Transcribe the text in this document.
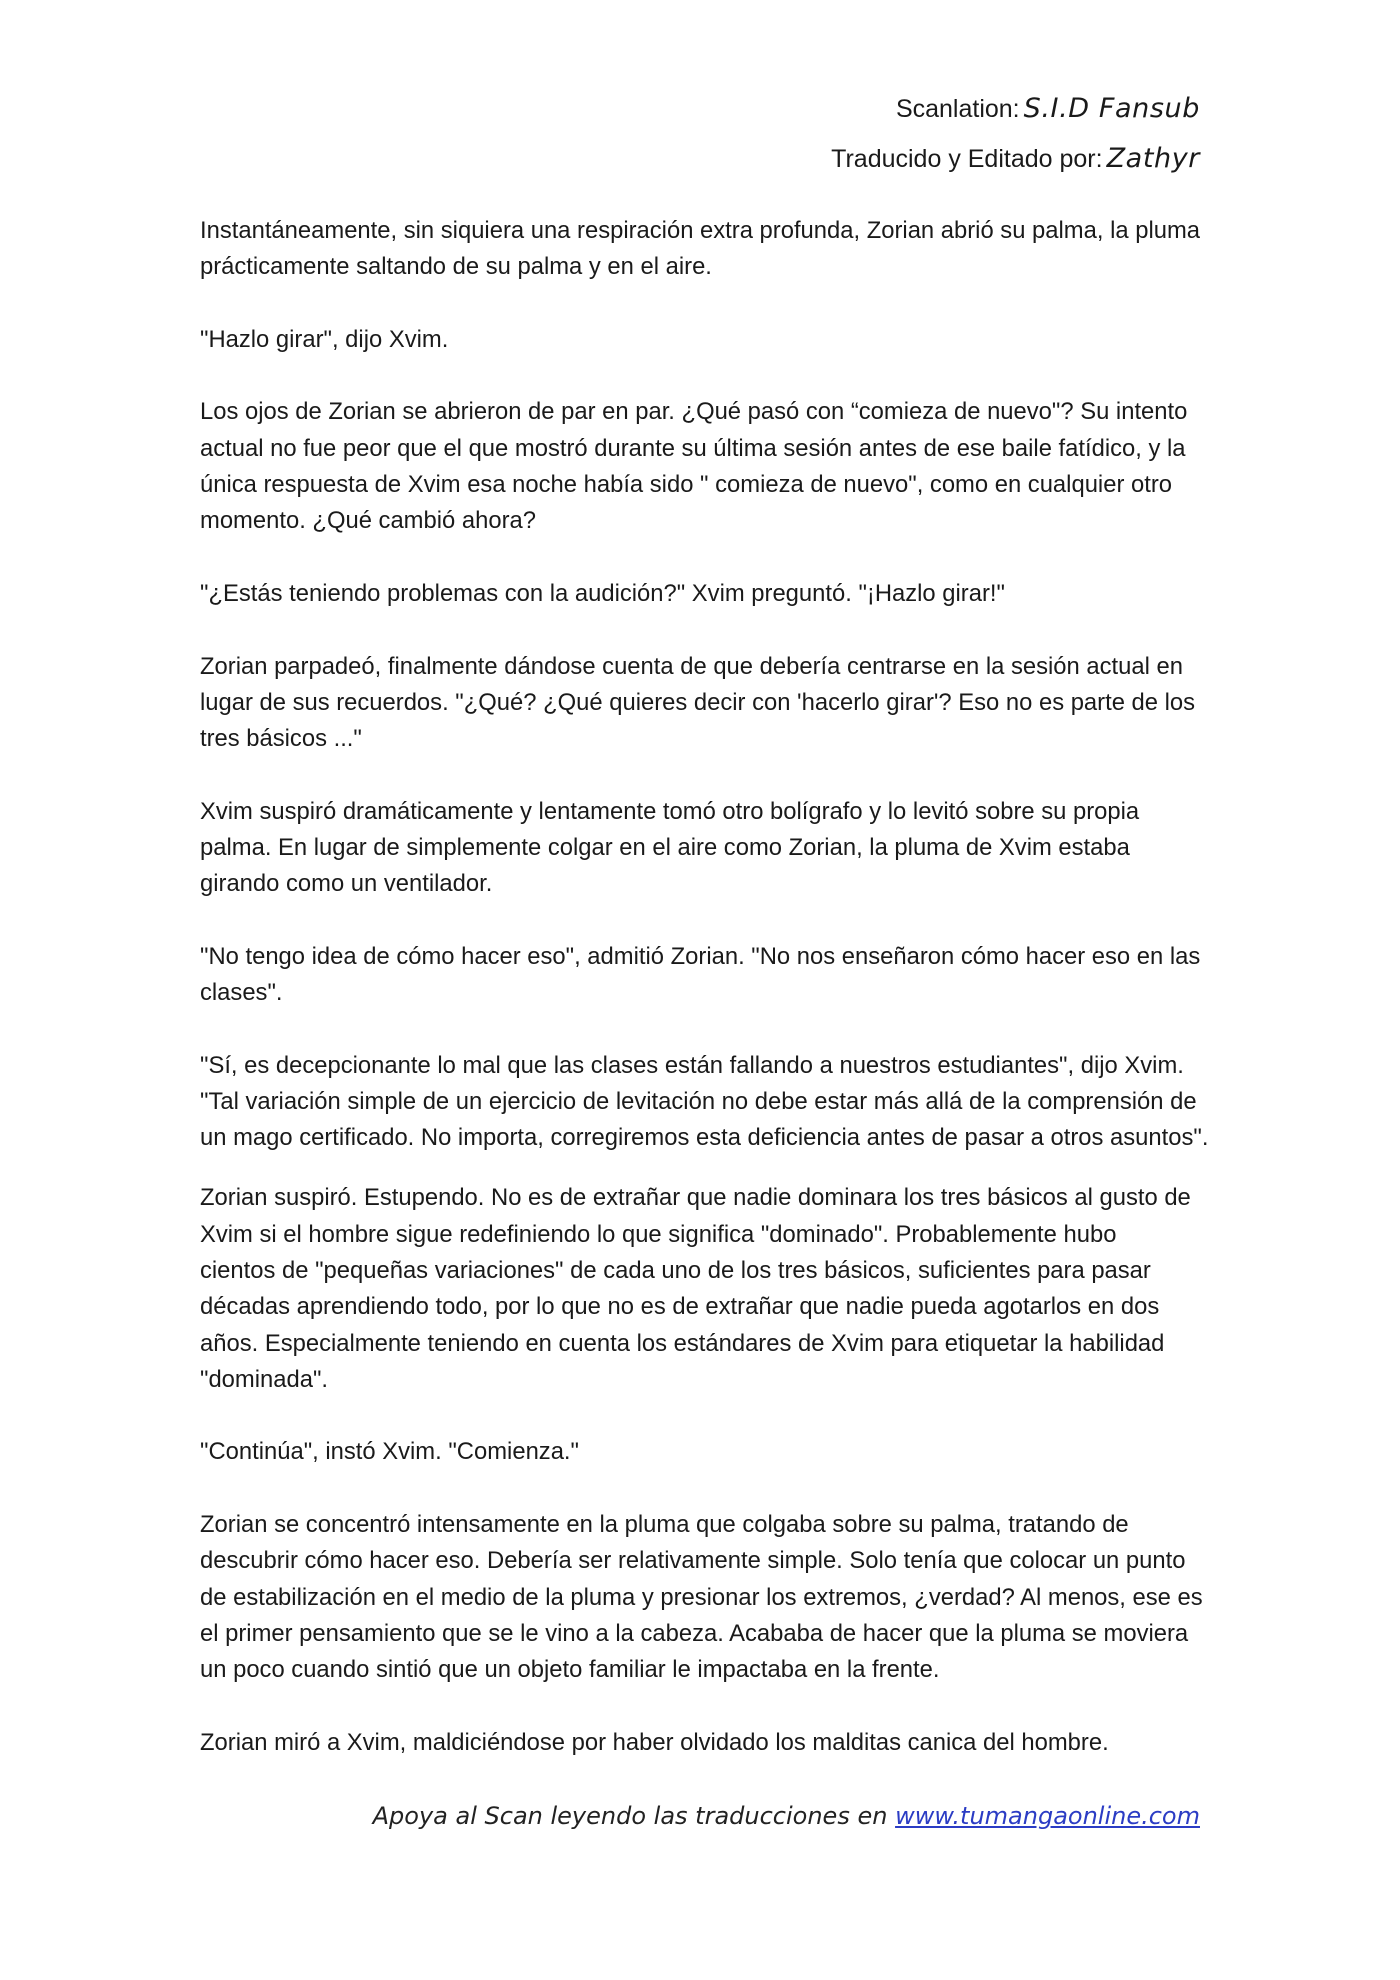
Scanlation: S.I.D Fansub
Traducido y Editado por: Zathyr
Instantáneamente, sin siquiera una respiración extra profunda, Zorian abrió su palma, la pluma
prácticamente saltando de su palma y en el aire.
"Hazlo girar", dijo Xvim.
Los ojos de Zorian se abrieron de par en par. ¿Qué pasó con “comieza de nuevo"? Su intento
actual no fue peor que el que mostró durante su última sesión antes de ese baile fatídico, y la
única respuesta de Xvim esa noche había sido " comieza de nuevo", como en cualquier otro
momento. ¿Qué cambió ahora?
"¿Estás teniendo problemas con la audición?" Xvim preguntó. "¡Hazlo girar!"
Zorian parpadeó, finalmente dándose cuenta de que debería centrarse en la sesión actual en
lugar de sus recuerdos. "¿Qué? ¿Qué quieres decir con 'hacerlo girar'? Eso no es parte de los
tres básicos ..."
Xvim suspiró dramáticamente y lentamente tomó otro bolígrafo y lo levitó sobre su propia
palma. En lugar de simplemente colgar en el aire como Zorian, la pluma de Xvim estaba
girando como un ventilador.
"No tengo idea de cómo hacer eso", admitió Zorian. "No nos enseñaron cómo hacer eso en las
clases".
"Sí, es decepcionante lo mal que las clases están fallando a nuestros estudiantes", dijo Xvim.
"Tal variación simple de un ejercicio de levitación no debe estar más allá de la comprensión de
un mago certificado. No importa, corregiremos esta deficiencia antes de pasar a otros asuntos".
Zorian suspiró. Estupendo. No es de extrañar que nadie dominara los tres básicos al gusto de
Xvim si el hombre sigue redefiniendo lo que significa "dominado". Probablemente hubo
cientos de "pequeñas variaciones" de cada uno de los tres básicos, suficientes para pasar
décadas aprendiendo todo, por lo que no es de extrañar que nadie pueda agotarlos en dos
años. Especialmente teniendo en cuenta los estándares de Xvim para etiquetar la habilidad
"dominada".
"Continúa", instó Xvim. "Comienza."
Zorian se concentró intensamente en la pluma que colgaba sobre su palma, tratando de
descubrir cómo hacer eso. Debería ser relativamente simple. Solo tenía que colocar un punto
de estabilización en el medio de la pluma y presionar los extremos, ¿verdad? Al menos, ese es
el primer pensamiento que se le vino a la cabeza. Acababa de hacer que la pluma se moviera
un poco cuando sintió que un objeto familiar le impactaba en la frente.
Zorian miró a Xvim, maldiciéndose por haber olvidado los malditas canica del hombre.
Apoya al Scan leyendo las traducciones en www.tumangaonline.com
